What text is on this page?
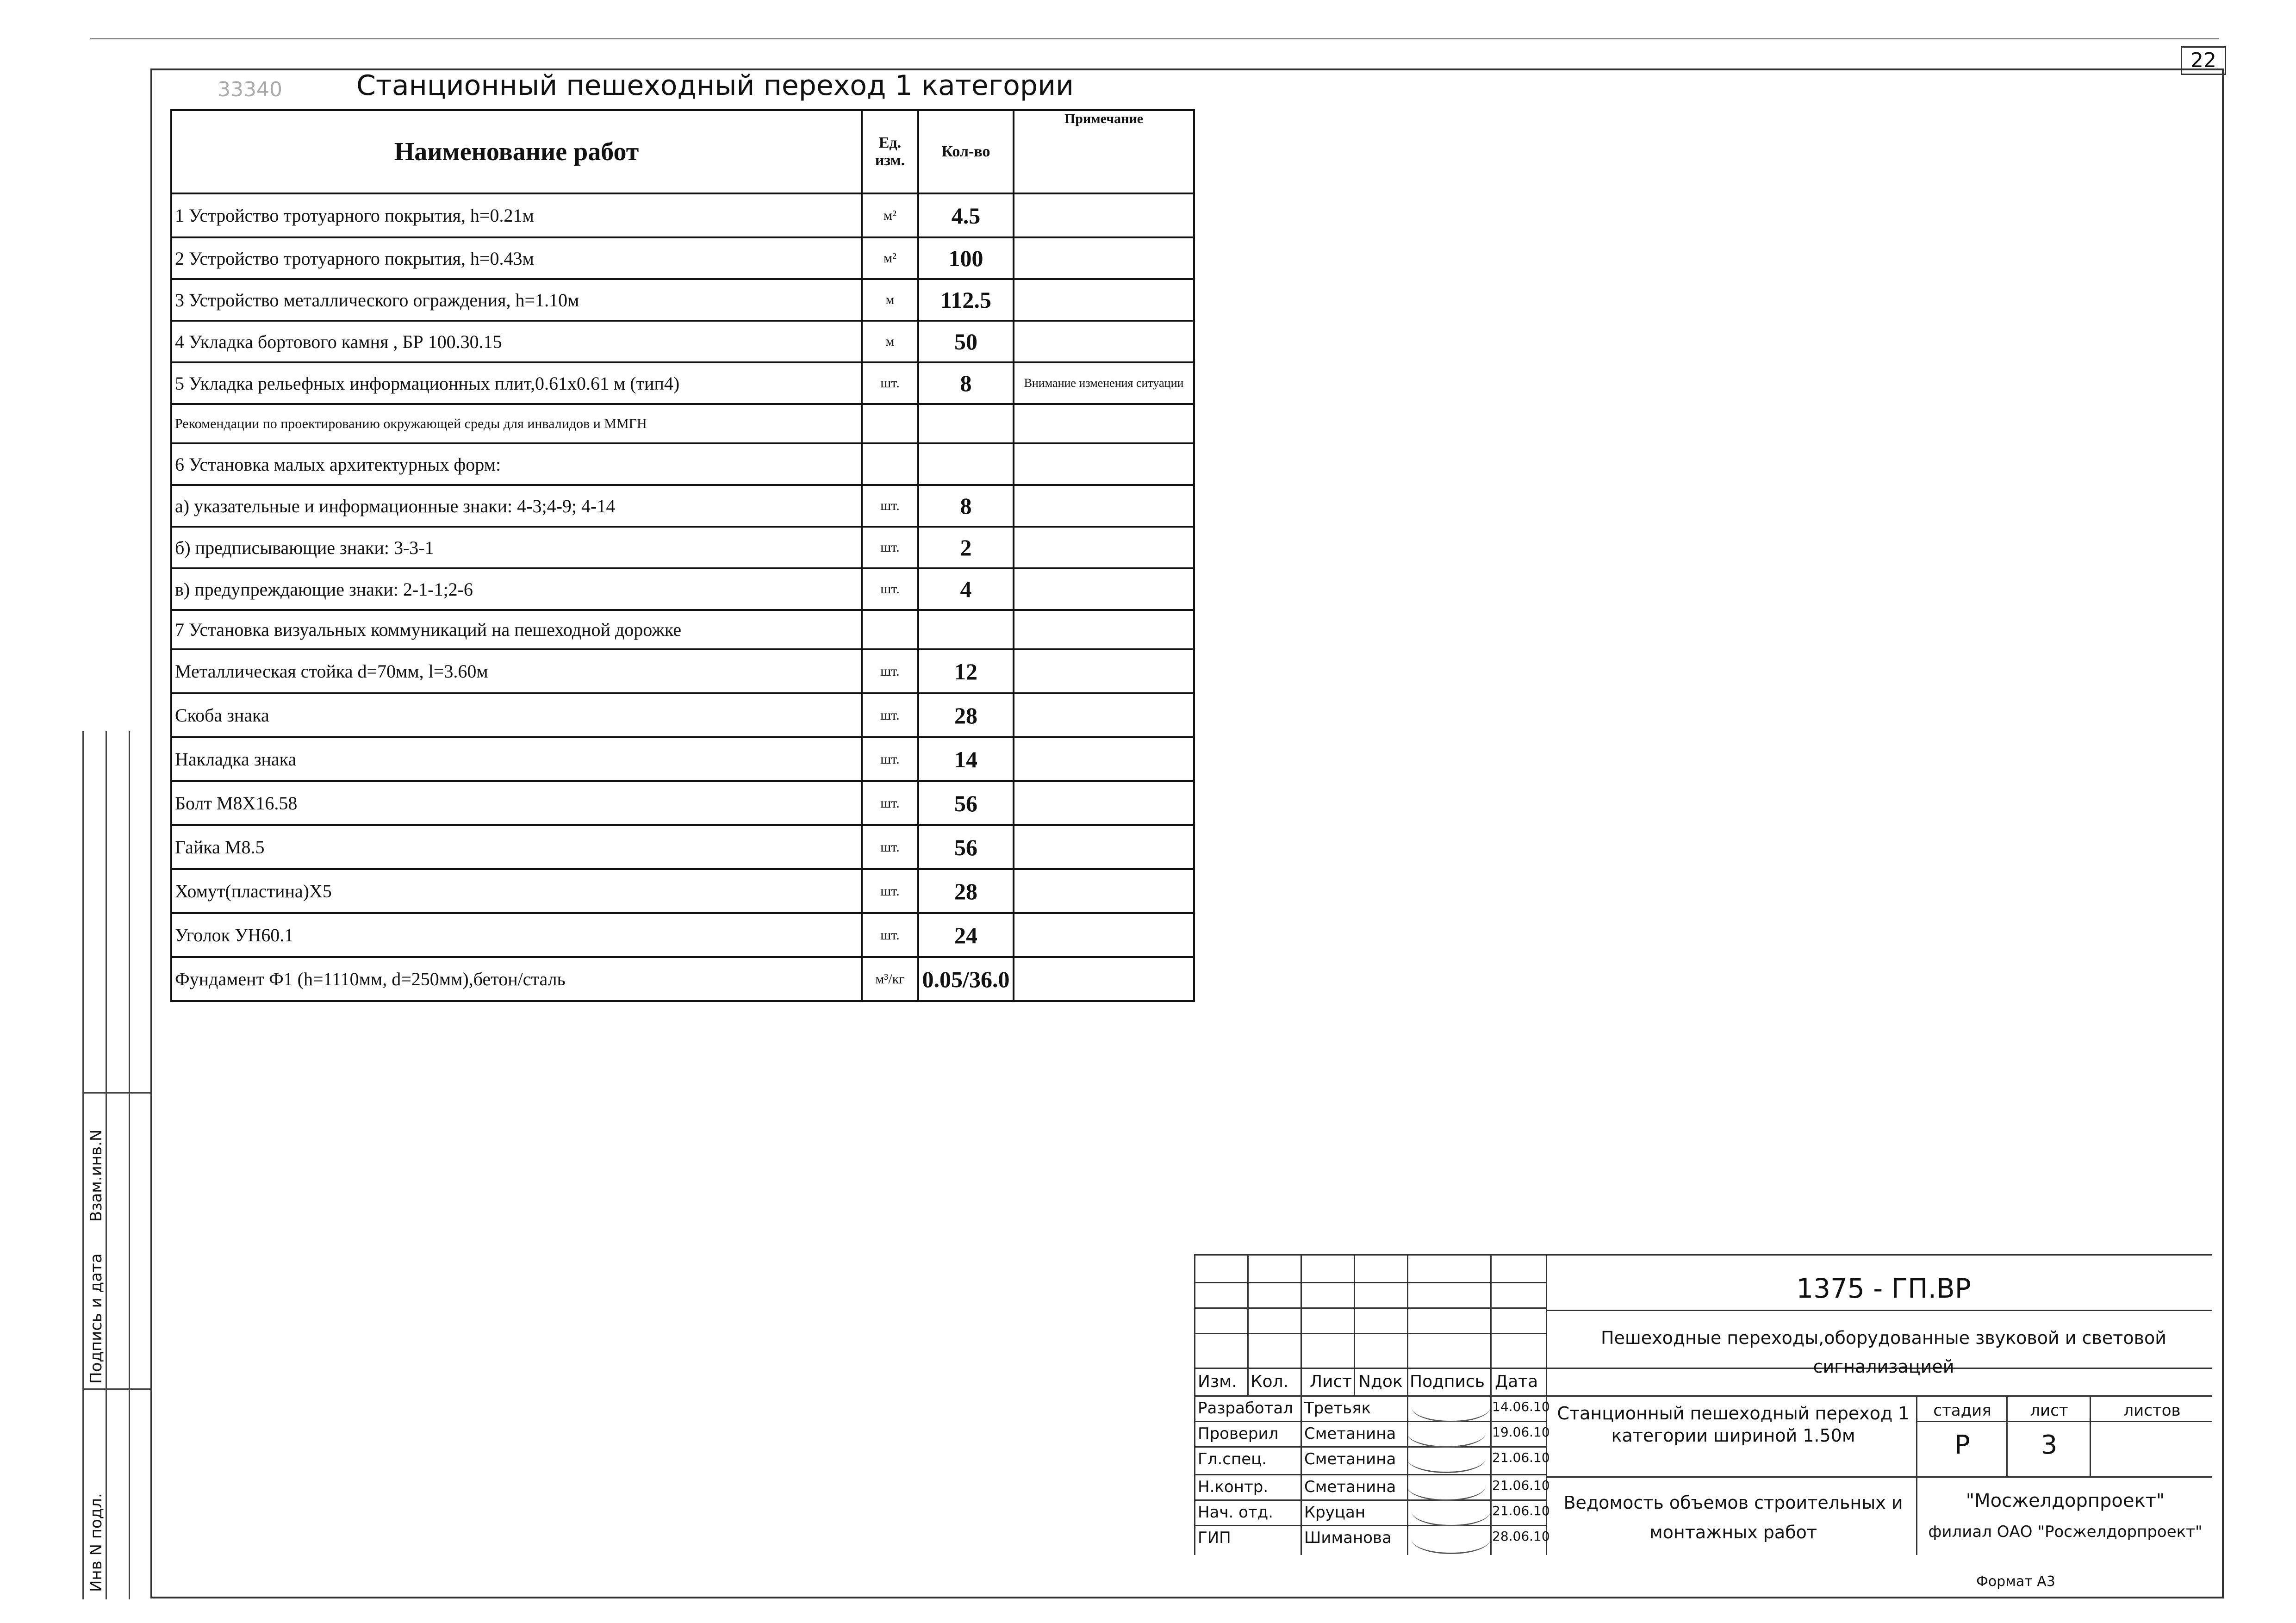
22
Инв N подл.
Подпись и дата
Взам.инв.N
33340	Станционный пешеходный переход 1 категории
Наименование работ	Ед. изм.	Кол-во	Примечание
1 Устройство тротуарного покрытия, h=0.21м	м²	4.5	
2 Устройство тротуарного покрытия, h=0.43м	м²	100	
3 Устройство металлического ограждения, h=1.10м	м	112.5	
4 Укладка бортового камня , БР 100.30.15	м	50	
5 Укладка рельефных информационных плит,0.61х0.61 м (тип4)	шт.	8	Внимание изменения ситуации
Рекомендации по проектированию окружающей среды для инвалидов и ММГН			
6 Установка малых архитектурных форм:			
а) указательные и информационные знаки: 4-3;4-9; 4-14	шт.	8	
б) предписывающие знаки: 3-3-1	шт.	2	
в) предупреждающие знаки: 2-1-1;2-6	шт.	4	
7 Установка визуальных коммуникаций на пешеходной дорожке			
Металлическая стойка d=70мм, l=3.60м	шт.	12	
Скоба знака	шт.	28	
Накладка знака	шт.	14	
Болт М8Х16.58	шт.	56	
Гайка М8.5	шт.	56	
Хомут(пластина)Х5	шт.	28	
Уголок УН60.1	шт.	24	
Фундамент Ф1 (h=1110мм, d=250мм),бетон/сталь	м³/кг	0.05/36.0	
1375 - ГП.ВР
Пешеходные переходы,оборудованные звуковой и световой сигнализацией
Изм. Кол. Лист Nдок Подпись Дата
Разработал Третьяк	14.06.10
Проверил Сметанина	19.06.10
Гл.спец. Сметанина	21.06.10
Н.контр. Сметанина	21.06.10
Нач. отд. Круцан	21.06.10
ГИП	Шиманова	28.06.10
Станционный пешеходный переход 1 категории шириной 1.50м
Ведомость объемов строительных и монтажных работ
стадия	лист	листов
Р	3
"Мосжелдорпроект"
филиал ОАО "Росжелдорпроект"
Формат А3
